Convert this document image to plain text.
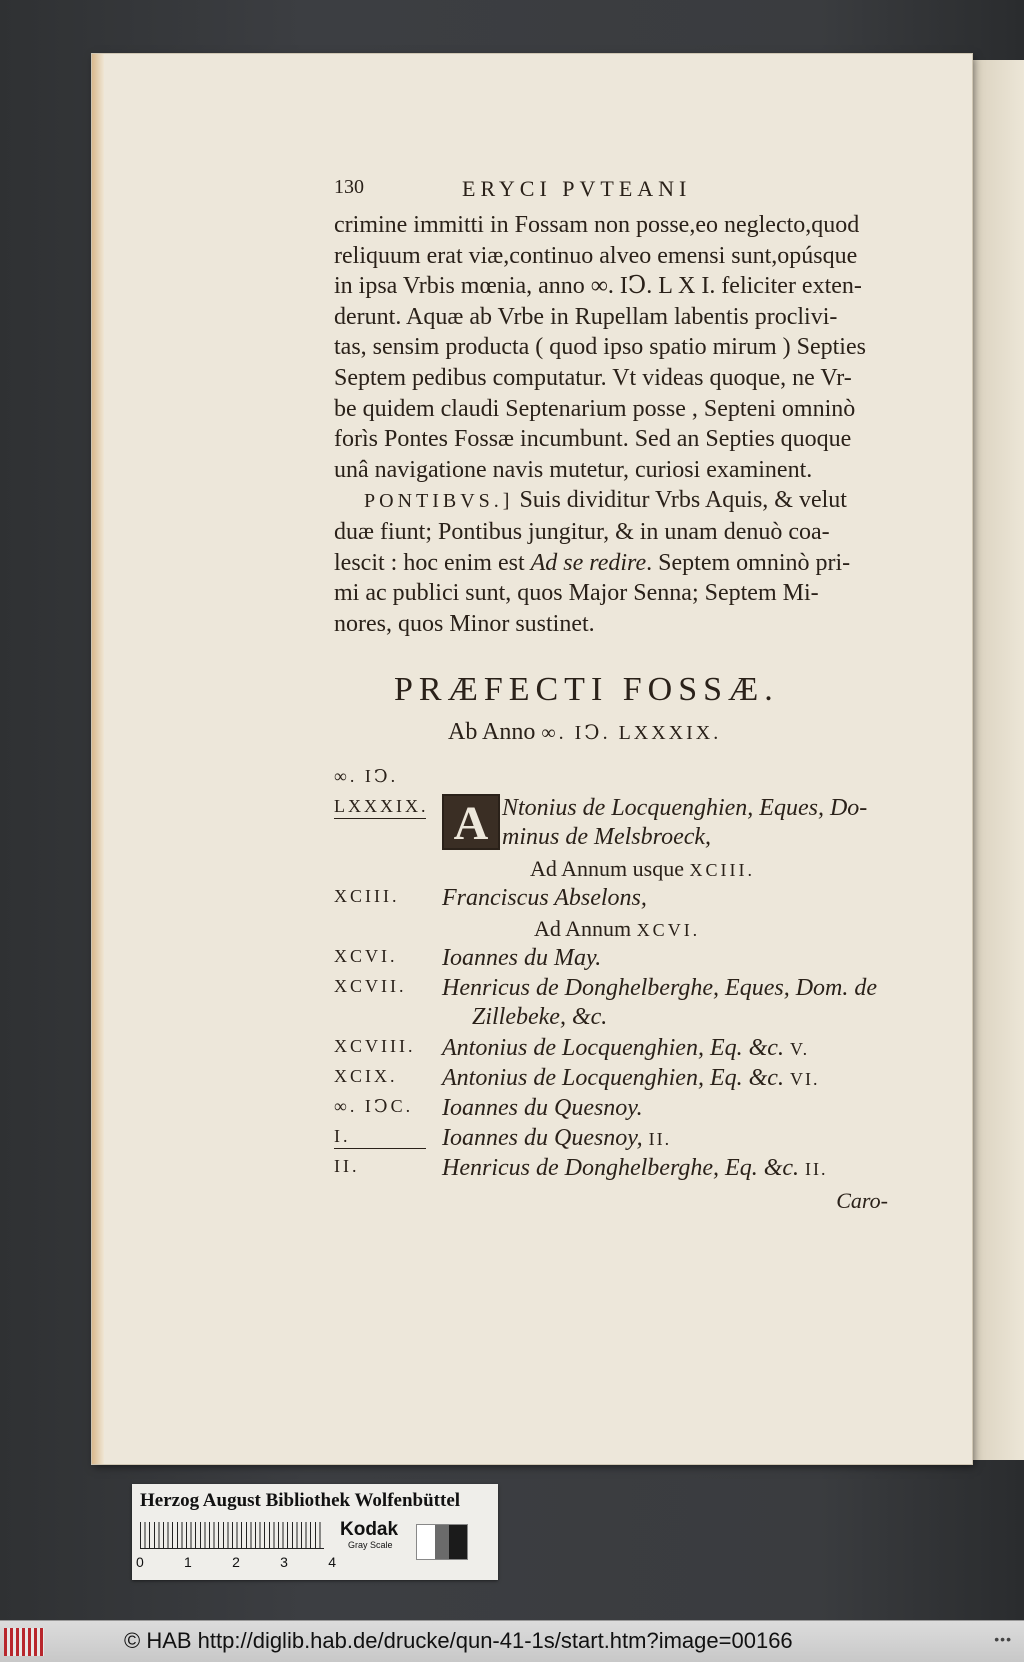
130	ERYCI PVTEANI

crimine immitti in Fossam non posse,eo neglecto,quod

reliquum erat viæ,continuo alveo emensi sunt,opúsque

in ipsa Vrbis mœnia, anno ∞. IↃ. L X I. feliciter exten-

derunt. Aquæ ab Vrbe in Rupellam labentis proclivi-

tas, sensim producta ( quod ipso spatio mirum ) Septies

Septem pedibus computatur. Vt videas quoque, ne Vr-

be quidem claudi Septenarium posse , Septeni omninò

forìs Pontes Fossæ incumbunt. Sed an Septies quoque

unâ navigatione navis mutetur, curiosi examinent.

PONTIBVS.] Suis dividitur Vrbs Aquis, & velut

duæ fiunt; Pontibus jungitur, & in unam denuò coa-

lescit : hoc enim est Ad se redire. Septem omninò pri-

mi ac publici sunt, quos Major Senna; Septem Mi-

nores, quos Minor sustinet.

PRÆFECTI FOSSÆ.
Ab Anno ∞. IↃ. LXXXIX.
∞. IↃ.
LXXXIX. A Ntonius de Locquenghien, Eques, Do-
minus de Melsbroeck,
Ad Annum usque XCIII.
XCIII. Franciscus Abselons,
Ad Annum XCVI.
XCVI. Ioannes du May.
XCVII. Henricus de Donghelberghe, Eques, Dom. de
Zillebeke, &c.
XCVIII. Antonius de Locquenghien, Eq. &c. V.
XCIX. Antonius de Locquenghien, Eq. &c. VI.
∞. IↃC. Ioannes du Quesnoy.
I.	Ioannes du Quesnoy, II.
II.	Henricus de Donghelberghe, Eq. &c. II.
Caro-
Herzog August Bibliothek Wolfenbüttel
0	1	2	3	4
Kodak
Gray Scale
© HAB http://diglib.hab.de/drucke/qun-41-1s/start.htm?image=00166	•••
